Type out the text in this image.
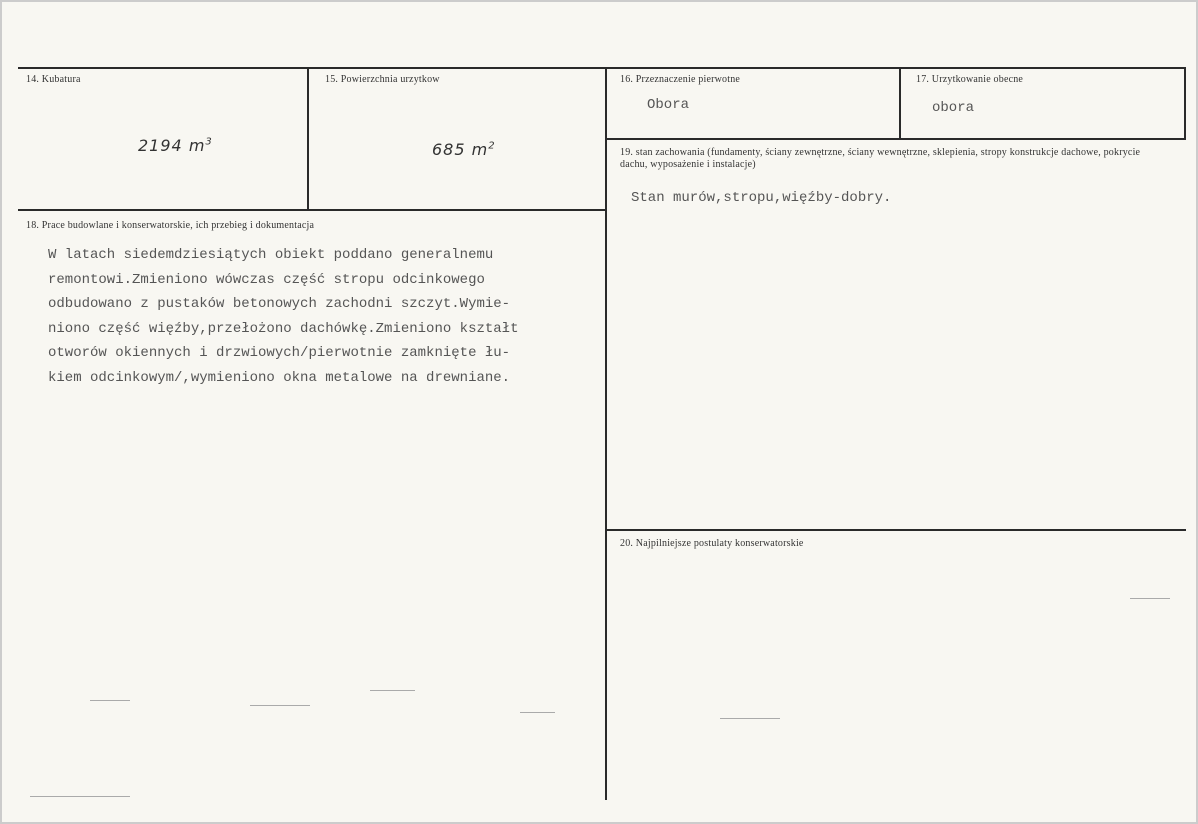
14. Kubatura
2194 $m^3$
15. Powierzchnia urzytkow
685 $m^2$
16. Przeznaczenie pierwotne
Obora
17. Urzytkowanie obecne
obora
18. Prace budowlane i konserwatorskie, ich przebieg i dokumentacja
W latach siedemdziesiątych obiekt poddano generalnemu
remontowi.Zmieniono wówczas część stropu odcinkowego
odbudowano z pustaków betonowych zachodni szczyt.Wymie-
niono część więźby,przełożono dachówkę.Zmieniono kształt
otworów okiennych i drzwiowych/pierwotnie zamknięte łu-
kiem odcinkowym/,wymieniono okna metalowe na drewniane.
19. stan zachowania (fundamenty, ściany zewnętrzne, ściany wewnętrzne, sklepienia, stropy konstrukcje dachowe, pokrycie dachu, wyposażenie i instalacje)
Stan murów,stropu,więźby-dobry.
20. Najpilniejsze postulaty konserwatorskie
